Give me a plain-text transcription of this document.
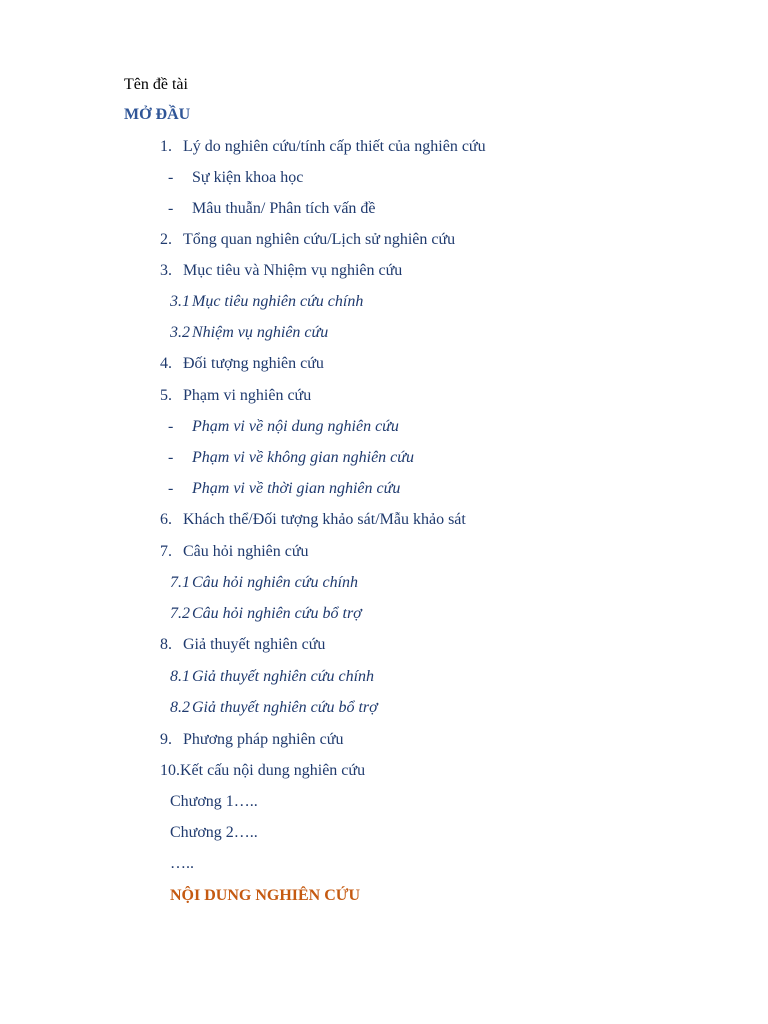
Tên đề tài
MỞ ĐẦU
1. Lý do nghiên cứu/tính cấp thiết của nghiên cứu
- Sự kiện khoa học
- Mâu thuẫn/ Phân tích vấn đề
2. Tổng quan nghiên cứu/Lịch sử nghiên cứu
3. Mục tiêu và Nhiệm vụ nghiên cứu
3.1 Mục tiêu nghiên cứu chính
3.2 Nhiệm vụ nghiên cứu
4. Đối tượng nghiên cứu
5. Phạm vi nghiên cứu
- Phạm vi về nội dung nghiên cứu
- Phạm vi về không gian nghiên cứu
- Phạm vi về thời gian nghiên cứu
6. Khách thể/Đối tượng khảo sát/Mẫu khảo sát
7. Câu hỏi nghiên cứu
7.1 Câu hỏi nghiên cứu chính
7.2 Câu hỏi nghiên cứu bổ trợ
8. Giả thuyết nghiên cứu
8.1 Giả thuyết nghiên cứu chính
8.2 Giả thuyết nghiên cứu bổ trợ
9. Phương pháp nghiên cứu
10.Kết cấu nội dung nghiên cứu
Chương 1…..
Chương 2…..
…..
NỘI DUNG NGHIÊN CỨU
